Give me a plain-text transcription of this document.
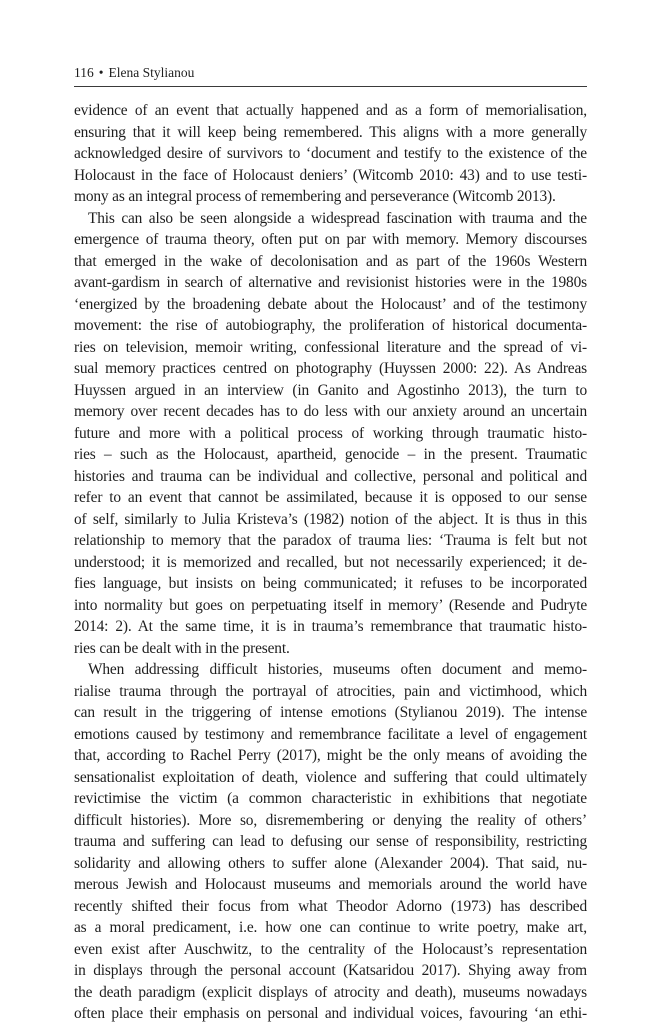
116 • Elena Stylianou
evidence of an event that actually happened and as a form of memorialisation,
ensuring that it will keep being remembered. This aligns with a more generally
acknowledged desire of survivors to ‘document and testify to the existence of the
Holocaust in the face of Holocaust deniers’ (Witcomb 2010: 43) and to use testi-
mony as an integral process of remembering and perseverance (Witcomb 2013).
This can also be seen alongside a widespread fascination with trauma and the
emergence of trauma theory, often put on par with memory. Memory discourses
that emerged in the wake of decolonisation and as part of the 1960s Western
avant-gardism in search of alternative and revisionist histories were in the 1980s
‘energized by the broadening debate about the Holocaust’ and of the testimony
movement: the rise of autobiography, the proliferation of historical documenta-
ries on television, memoir writing, confessional literature and the spread of vi-
sual memory practices centred on photography (Huyssen 2000: 22). As Andreas
Huyssen argued in an interview (in Ganito and Agostinho 2013), the turn to
memory over recent decades has to do less with our anxiety around an uncertain
future and more with a political process of working through traumatic histo-
ries – such as the Holocaust, apartheid, genocide – in the present. Traumatic
histories and trauma can be individual and collective, personal and political and
refer to an event that cannot be assimilated, because it is opposed to our sense
of self, similarly to Julia Kristeva’s (1982) notion of the abject. It is thus in this
relationship to memory that the paradox of trauma lies: ‘Trauma is felt but not
understood; it is memorized and recalled, but not necessarily experienced; it de-
fies language, but insists on being communicated; it refuses to be incorporated
into normality but goes on perpetuating itself in memory’ (Resende and Pudryte
2014: 2). At the same time, it is in trauma’s remembrance that traumatic histo-
ries can be dealt with in the present.
When addressing difficult histories, museums often document and memo-
rialise trauma through the portrayal of atrocities, pain and victimhood, which
can result in the triggering of intense emotions (Stylianou 2019). The intense
emotions caused by testimony and remembrance facilitate a level of engagement
that, according to Rachel Perry (2017), might be the only means of avoiding the
sensationalist exploitation of death, violence and suffering that could ultimately
revictimise the victim (a common characteristic in exhibitions that negotiate
difficult histories). More so, disremembering or denying the reality of others’
trauma and suffering can lead to defusing our sense of responsibility, restricting
solidarity and allowing others to suffer alone (Alexander 2004). That said, nu-
merous Jewish and Holocaust museums and memorials around the world have
recently shifted their focus from what Theodor Adorno (1973) has described
as a moral predicament, i.e. how one can continue to write poetry, make art,
even exist after Auschwitz, to the centrality of the Holocaust’s representation
in displays through the personal account (Katsaridou 2017). Shying away from
the death paradigm (explicit displays of atrocity and death), museums nowadays
often place their emphasis on personal and individual voices, favouring ‘an ethi-
